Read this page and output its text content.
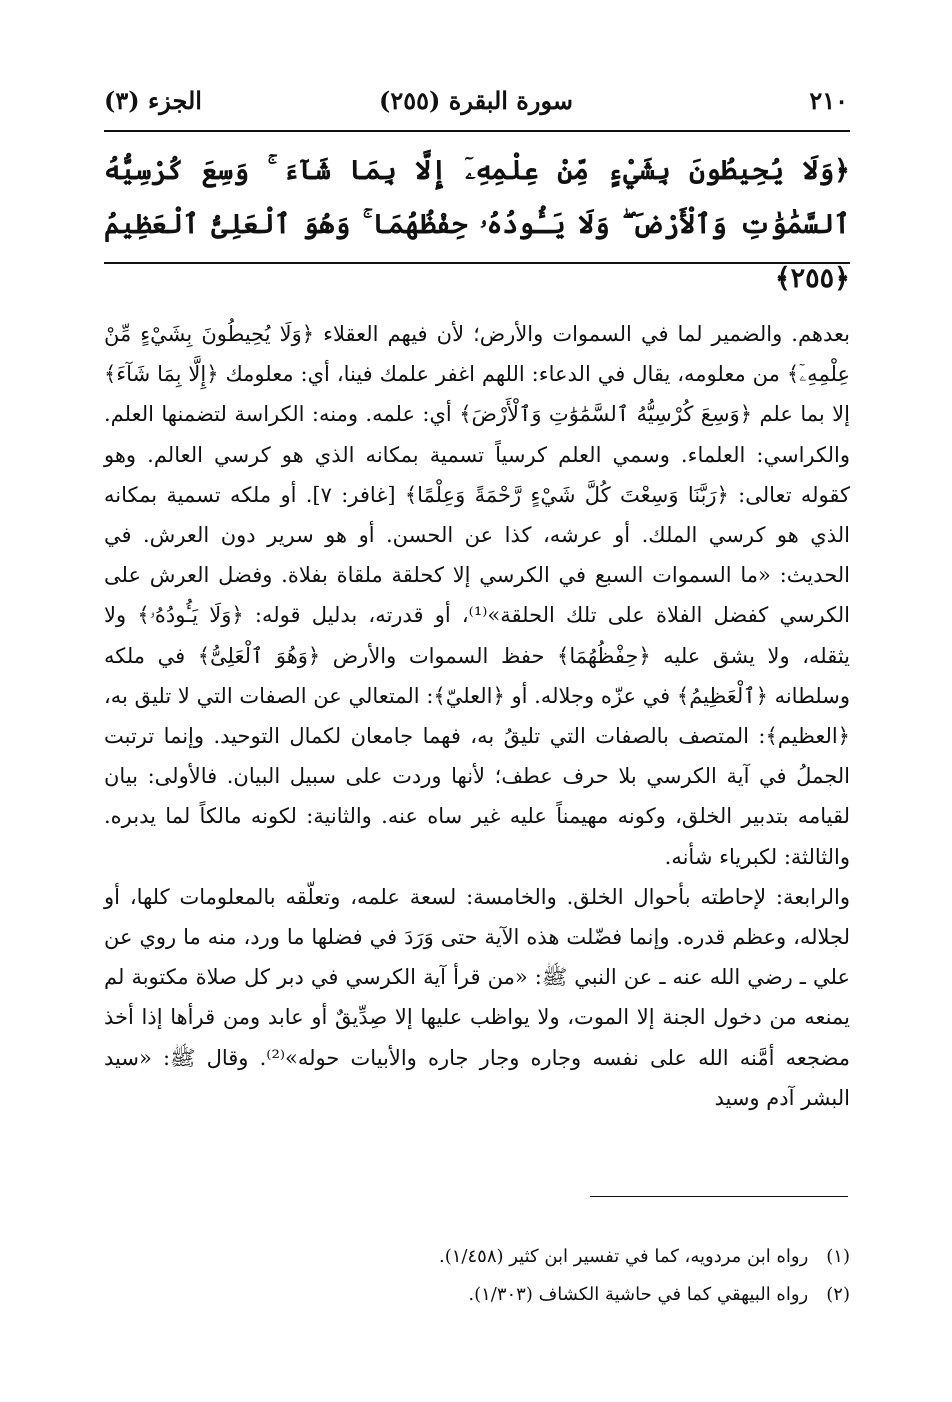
٢١٠
سورة البقرة (٢٥٥)
الجزء (٣)
﴿وَلَا يُحِيطُونَ بِشَيْءٍ مِّنْ عِلْمِهِۦٓ إِلَّا بِمَا شَآءَ ۚ وَسِعَ كُرْسِيُّهُ ٱلسَّمَٰوَٰتِ وَٱلْأَرْضَ ۖ وَلَا يَـُٔودُهُۥ حِفْظُهُمَا ۚ وَهُوَ ٱلْعَلِىُّ ٱلْعَظِيمُ ﴿٢٥٥﴾

بعدهم. والضمير لما في السموات والأرض؛ لأن فيهم العقلاء ﴿وَلَا يُحِيطُونَ بِشَيْءٍ مِّنْ عِلْمِهِۦٓ﴾ من معلومه، يقال في الدعاء: اللهم اغفر علمك فينا، أي: معلومك ﴿إِلَّا بِمَا شَآءَ﴾ إلا بما علم ﴿وَسِعَ كُرْسِيُّهُ ٱلسَّمَٰوَٰتِ وَٱلْأَرْضَ﴾ أي: علمه. ومنه: الكراسة لتضمنها العلم. والكراسي: العلماء. وسمي العلم كرسياً تسمية بمكانه الذي هو كرسي العالم. وهو كقوله تعالى: ﴿رَبَّنَا وَسِعْتَ كُلَّ شَيْءٍ رَّحْمَةً وَعِلْمًا﴾ [غافر: ٧]. أو ملكه تسمية بمكانه الذي هو كرسي الملك. أو عرشه، كذا عن الحسن. أو هو سرير دون العرش. في الحديث: «ما السموات السبع في الكرسي إلا كحلقة ملقاة بفلاة. وفضل العرش على الكرسي كفضل الفلاة على تلك الحلقة»⁽¹⁾، أو قدرته، بدليل قوله: ﴿وَلَا يَـُٔودُهُۥ﴾ ولا يثقله، ولا يشق عليه ﴿حِفْظُهُمَا﴾ حفظ السموات والأرض ﴿وَهُوَ ٱلْعَلِىُّ﴾ في ملكه وسلطانه ﴿ٱلْعَظِيمُ﴾ في عزّه وجلاله. أو ﴿العليّ﴾: المتعالي عن الصفات التي لا تليق به، ﴿العظيم﴾: المتصف بالصفات التي تليقُ به، فهما جامعان لكمال التوحيد. وإنما ترتبت الجملُ في آية الكرسي بلا حرف عطف؛ لأنها وردت على سبيل البيان. فالأولى: بيان لقيامه بتدبير الخلق، وكونه مهيمناً عليه غير ساه عنه. والثانية: لكونه مالكاً لما يدبره. والثالثة: لكبرياء شأنه.

والرابعة: لإحاطته بأحوال الخلق. والخامسة: لسعة علمه، وتعلّقه بالمعلومات كلها، أو لجلاله، وعظم قدره. وإنما فضّلت هذه الآية حتى وَرَدَ في فضلها ما ورد، منه ما روي عن علي ـ رضي الله عنه ـ عن النبي ﷺ: «من قرأ آية الكرسي في دبر كل صلاة مكتوبة لم يمنعه من دخول الجنة إلا الموت، ولا يواظب عليها إلا صِدِّيقٌ أو عابد ومن قرأها إذا أخذ مضجعه أمَّنه الله على نفسه وجاره وجار جاره والأبيات حوله»⁽²⁾. وقال ﷺ: «سيد البشر آدم وسيد

(١) رواه ابن مردويه، كما في تفسير ابن كثير (١/٤٥٨).
(٢) رواه البيهقي كما في حاشية الكشاف (١/٣٠٣).
